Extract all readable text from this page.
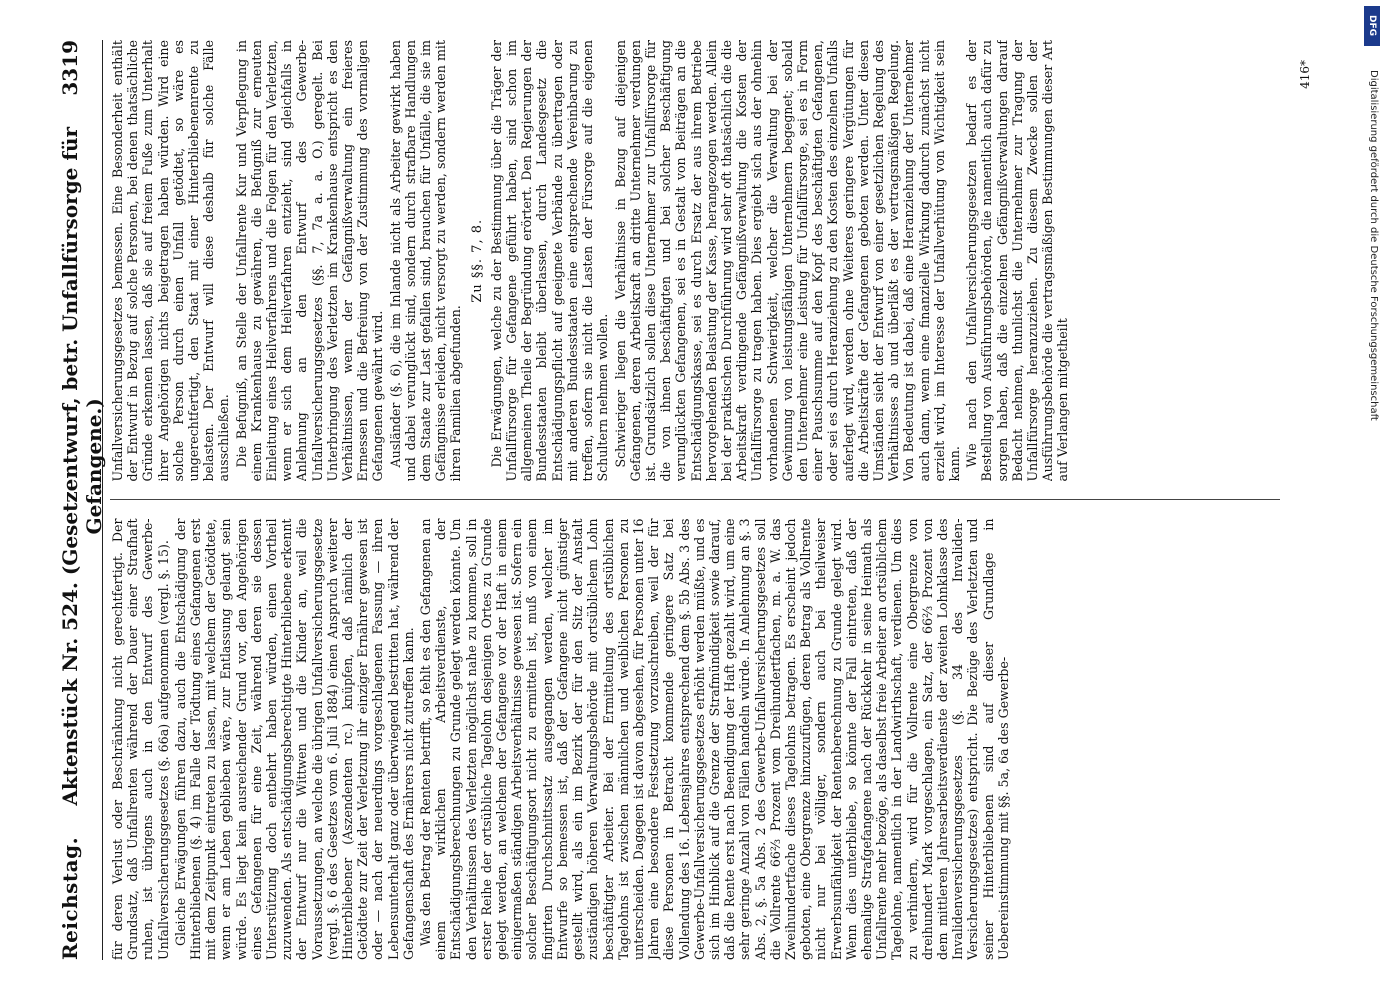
Reichstag.
Aktenstück Nr. 524. (Gesetzentwurf, betr. Unfallfürsorge für Gefangene.)
3319

für deren Verlust oder Beschränkung nicht gerechtfertigt. Der Grundsatz, daß Unfallrenten während der Dauer einer Strafhaft ruhen, ist übrigens auch in den Entwurf des Gewerbe-Unfallversicherungsgesetzes (§. 66a) aufgenommen (vergl. §. 15). Gleiche Erwägungen führen dazu, auch die Entschädigung der Hinterbliebenen (§. 4) im Falle der Tödtung eines Gefangenen erst mit dem Zeitpunkt eintreten zu lassen, mit welchem der Getödtete, wenn er am Leben geblieben wäre, zur Entlassung gelangt sein würde. Es liegt kein ausreichender Grund vor, den Angehörigen eines Gefangenen für eine Zeit, während deren sie dessen Unterstützung doch entbehrt haben würden, einen Vortheil zuzuwenden. Als entschädigungsberechtigte Hinterbliebene erkennt der Entwurf nur die Wittwen und die Kinder an, weil die Voraussetzungen, an welche die übrigen Unfallversicherungsgesetze (vergl. §. 6 des Gesetzes vom 6. Juli 1884) einen Anspruch weiterer Hinterbliebener (Aszendenten rc.) knüpfen, daß nämlich der Getödtete zur Zeit der Verletzung ihr einziger Ernährer gewesen ist oder — nach der neuerdings vorgeschlagenen Fassung — ihren Lebensunterhalt ganz oder überwiegend bestritten hat, während der Gefangenschaft des Ernährers nicht zutreffen kann. Was den Betrag der Renten betrifft, so fehlt es den Gefangenen an einem wirklichen Arbeitsverdienste, der Entschädigungsberechnungen zu Grunde gelegt werden könnte. Um den Verhältnissen des Verletzten möglichst nahe zu kommen, soll in erster Reihe der ortsübliche Tagelohn desjenigen Ortes zu Grunde gelegt werden, an welchem der Gefangene vor der Haft in einem einigermaßen ständigen Arbeitsverhältnisse gewesen ist. Sofern ein solcher Beschäftigungsort nicht zu ermitteln ist, muß von einem fingirten Durchschnittssatz ausgegangen werden, welcher im Entwurfe so bemessen ist, daß der Gefangene nicht günstiger gestellt wird, als ein im Bezirk der für den Sitz der Anstalt zuständigen höheren Verwaltungsbehörde mit ortsüblichem Lohn beschäftigter Arbeiter. Bei der Ermittelung des ortsüblichen Tagelohns ist zwischen männlichen und weiblichen Personen zu unterscheiden. Dagegen ist davon abgesehen, für Personen unter 16 Jahren eine besondere Festsetzung vorzuschreiben, weil der für diese Personen in Betracht kommende geringere Satz bei Vollendung des 16. Lebensjahres entsprechend dem §. 5b Abs. 3 des Gewerbe-Unfallversicherungsgesetzes erhöht werden müßte, und es sich im Hinblick auf die Grenze der Strafmündigkeit sowie darauf, daß die Rente erst nach Beendigung der Haft gezahlt wird, um eine sehr geringe Anzahl von Fällen handeln würde. In Anlehnung an §. 3 Abs. 2, §. 5a Abs. 2 des Gewerbe-Unfallversicherungsgesetzes soll die Vollrente 66⅔ Prozent vom Dreihundertfachen, m. a. W. das Zweihundertfache dieses Tagelohns betragen. Es erscheint jedoch geboten, eine Obergrenze hinzuzufügen, deren Betrag als Vollrente nicht nur bei völliger, sondern auch bei theilweiser Erwerbsunfähigkeit der Rentenberechnung zu Grunde gelegt wird. Wenn dies unterbliebe, so könnte der Fall eintreten, daß der ehemalige Strafgefangene nach der Rückkehr in seine Heimath als Unfallrente mehr bezöge, als daselbst freie Arbeiter an ortsüblichem Tagelohne, namentlich in der Landwirthschaft, verdienen. Um dies zu verhindern, wird für die Vollrente eine Obergrenze von dreihundert Mark vorgeschlagen, ein Satz, der 66⅔ Prozent von dem mittleren Jahresarbeitsverdienste der zweiten Lohnklasse des Invalidenversicherungsgesetzes (§. 34 des Invaliden-Versicherungsgesetzes) entspricht. Die Bezüge des Verletzten und seiner Hinterbliebenen sind auf dieser Grundlage in Uebereinstimmung mit §§. 5a, 6a des Gewerbe-

Unfallversicherungsgesetzes bemessen. Eine Besonderheit enthält der Entwurf in Bezug auf solche Personen, bei denen thatsächliche Gründe erkennen lassen, daß sie auf freiem Fuße zum Unterhalt ihrer Angehörigen nichts beigetragen haben würden. Wird eine solche Person durch einen Unfall getödtet, so wäre es ungerechtfertigt, den Staat mit einer Hinterbliebenenrente zu belasten. Der Entwurf will diese deshalb für solche Fälle ausschließen. Die Befugniß, an Stelle der Unfallrente Kur und Verpflegung in einem Krankenhause zu gewähren, die Befugniß zur erneuten Einleitung eines Heilverfahrens und die Folgen für den Verletzten, wenn er sich dem Heilverfahren entzieht, sind gleichfalls in Anlehnung an den Entwurf des Gewerbe-Unfallversicherungsgesetzes (§§. 7, 7a a. a. O.) geregelt. Bei Unterbringung des Verletzten im Krankenhause entspricht es den Verhältnissen, wenn der Gefängnißverwaltung ein freieres Ermessen und die Befreiung von der Zustimmung des vormaligen Gefangenen gewährt wird. Ausländer (§. 6), die im Inlande nicht als Arbeiter gewirkt haben und dabei verunglückt sind, sondern durch strafbare Handlungen dem Staate zur Last gefallen sind, brauchen für Unfälle, die sie im Gefängnisse erleiden, nicht versorgt zu werden, sondern werden mit ihren Familien abgefunden.

Zu §§. 7, 8. Die Erwägungen, welche zu der Bestimmung über die Träger der Unfallfürsorge für Gefangene geführt haben, sind schon im allgemeinen Theile der Begründung erörtert. Den Regierungen der Bundesstaaten bleibt überlassen, durch Landesgesetz die Entschädigungspflicht auf geeignete Verbände zu übertragen oder mit anderen Bundesstaaten eine entsprechende Vereinbarung zu treffen, sofern sie nicht die Lasten der Fürsorge auf die eigenen Schultern nehmen wollen. Schwieriger liegen die Verhältnisse in Bezug auf diejenigen Gefangenen, deren Arbeitskraft an dritte Unternehmer verdungen ist. Grundsätzlich sollen diese Unternehmer zur Unfallfürsorge für die von ihnen beschäftigten und bei solcher Beschäftigung verunglückten Gefangenen, sei es in Gestalt von Beiträgen an die Entschädigungskasse, sei es durch Ersatz der aus ihrem Betriebe hervorgehenden Belastung der Kasse, herangezogen werden. Allein bei der praktischen Durchführung wird sehr oft thatsächlich die die Arbeitskraft verdingende Gefängnißverwaltung die Kosten der Unfallfürsorge zu tragen haben. Dies ergiebt sich aus der ohnehin vorhandenen Schwierigkeit, welcher die Verwaltung bei der Gewinnung von leistungsfähigen Unternehmern begegnet; sobald den Unternehmer eine Leistung für Unfallfürsorge, sei es in Form einer Pauschsumme auf den Kopf des beschäftigten Gefangenen, oder sei es durch Heranziehung zu den Kosten des einzelnen Unfalls auferlegt wird, werden ohne Weiteres geringere Vergütungen für die Arbeitskräfte der Gefangenen geboten werden. Unter diesen Umständen sieht der Entwurf von einer gesetzlichen Regelung des Verhältnisses ab und überläßt es der vertragsmäßigen Regelung. Von Bedeutung ist dabei, daß eine Heranziehung der Unternehmer auch dann, wenn eine finanzielle Wirkung dadurch zunächst nicht erzielt wird, im Interesse der Unfallverhütung von Wichtigkeit sein kann. Wie nach den Unfallversicherungsgesetzen bedarf es der Bestellung von Ausführungsbehörden, die namentlich auch dafür zu sorgen haben, daß die einzelnen Gefängnißverwaltungen darauf Bedacht nehmen, thunlichst die Unternehmer zur Tragung der Unfallfürsorge heranzuziehen. Zu diesem Zwecke sollen der Ausführungsbehörde die vertragsmäßigen Bestimmungen dieser Art auf Verlangen mitgetheilt

416*
DFG
Digitalisierung gefördert durch die Deutsche Forschungsgemeinschaft
